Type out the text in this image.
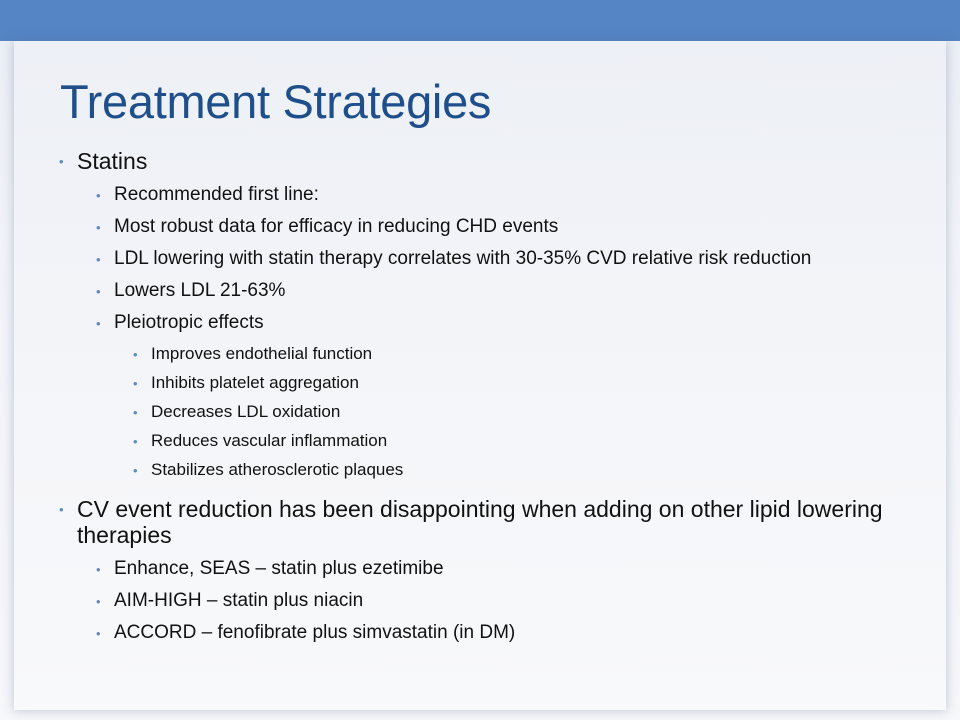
Treatment Strategies
• Statins
• Recommended first line:
• Most robust data for efficacy in reducing CHD events
• LDL lowering with statin therapy correlates with 30-35% CVD relative risk reduction
• Lowers LDL 21-63%
• Pleiotropic effects
• Improves endothelial function
• Inhibits platelet aggregation
• Decreases LDL oxidation
• Reduces vascular inflammation
• Stabilizes atherosclerotic plaques
• CV event reduction has been disappointing when adding on other lipid lowering therapies
• Enhance, SEAS – statin plus ezetimibe
• AIM-HIGH – statin plus niacin
• ACCORD – fenofibrate plus simvastatin (in DM)
